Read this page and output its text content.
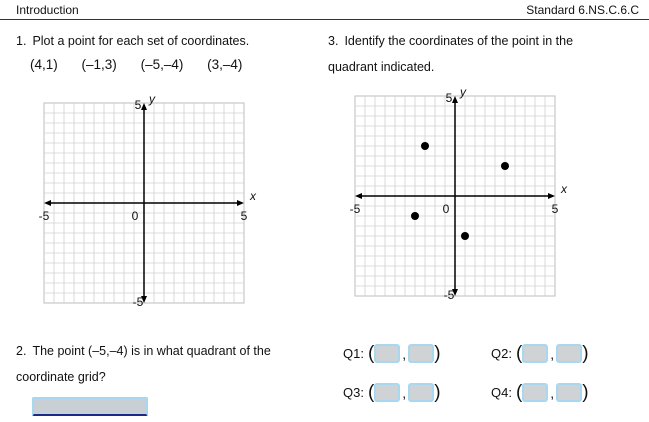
Introduction	Standard 6.NS.C.6.C
1. Plot a point for each set of coordinates.
(4,1) (–1,3) (–5,–4) (3,–4)
3. Identify the coordinates of the point in the
quadrant indicated.
-5	5
0
5 y
x
-5
-5	5
0
5 y
x
-5
2. The point (–5,–4) is in what quadrant of the
coordinate grid?
Q1: ( , )	Q2: ( , )
Q3: ( , )	Q4: ( , )
